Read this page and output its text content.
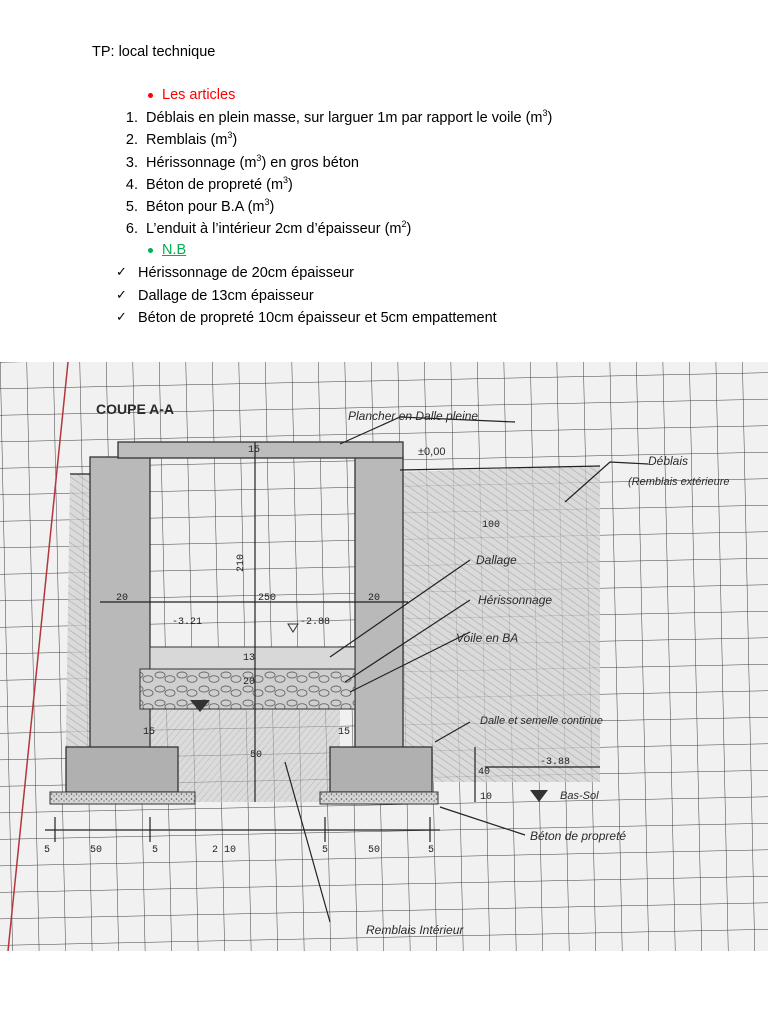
TP: local technique
Les articles
1. Déblais en plein masse, sur larguer 1m par rapport le voile $(m^3)$
2. Remblais $(m^3)$
3. Hérissonnage $(m^3)$ en gros béton
4. Béton de propreté $(m^3)$
5. Béton pour B.A $(m^3)$
6. L’enduit à l’intérieur 2cm d’épaisseur $(m^2)$
N.B
✓ Hérissonnage de 20cm épaisseur
✓ Dallage de 13cm épaisseur
✓ Béton de propreté 10cm épaisseur et 5cm empattement
COUPE A-A	Plancher en Dalle pleine
±0,00
Déblais
(Remblais extérieure
Dallage
Hérissonnage
Voile en BA
Dalle et semelle continue
Bas-Sol
Béton de propreté
Remblais Intérieur
15
210
20	250	20
100
-3.21	-2.88
13
20
15	15
50
-3.88
40
10
5	50	5	2 10	5	50	5
